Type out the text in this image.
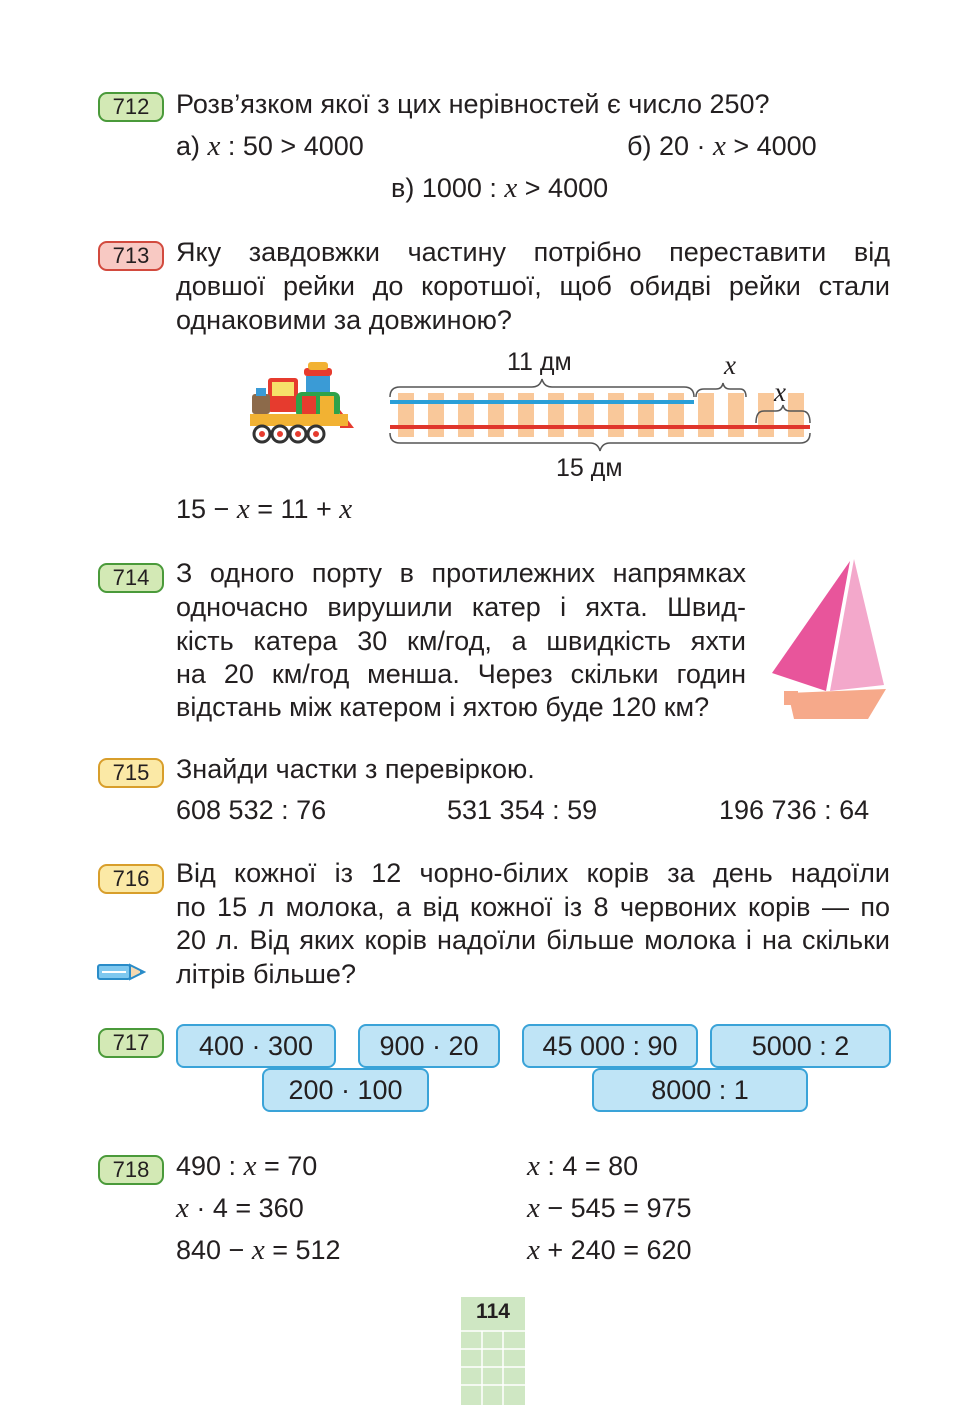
712 Розв’язком якої з цих нерівностей є число 250?
а) x : 50 > 4000	б) 20 · x > 4000
в) 1000 : x > 4000
713 Яку завдовжки частину потрібно переставити від
довшої рейки до коротшої, щоб обидві рейки стали
однаковими за довжиною?
11 дм	x
x
15 дм
15 − x = 11 + x
714 З одного порту в протилежних напрямках
одночасно вирушили катер і яхта. Швид-
кість катера 30 км/год, а швидкість яхти
на 20 км/год менша. Через скільки годин
відстань між катером і яхтою буде 120 км?
715 Знайди частки з перевіркою.
608 532 : 76	531 354 : 59	196 736 : 64
716 Від кожної із 12 чорно-білих корів за день надоїли
по 15 л молока, а від кожної із 8 червоних корів — по
20 л. Від яких корів надоїли більше молока і на скільки
літрів більше?
717	400 · 300	900 · 20
200 · 100
45 000 : 90	5000 : 2
8000 : 1
718 490 : x = 70
x · 4 = 360
840 − x = 512
x : 4 = 80
x − 545 = 975
x + 240 = 620
114
